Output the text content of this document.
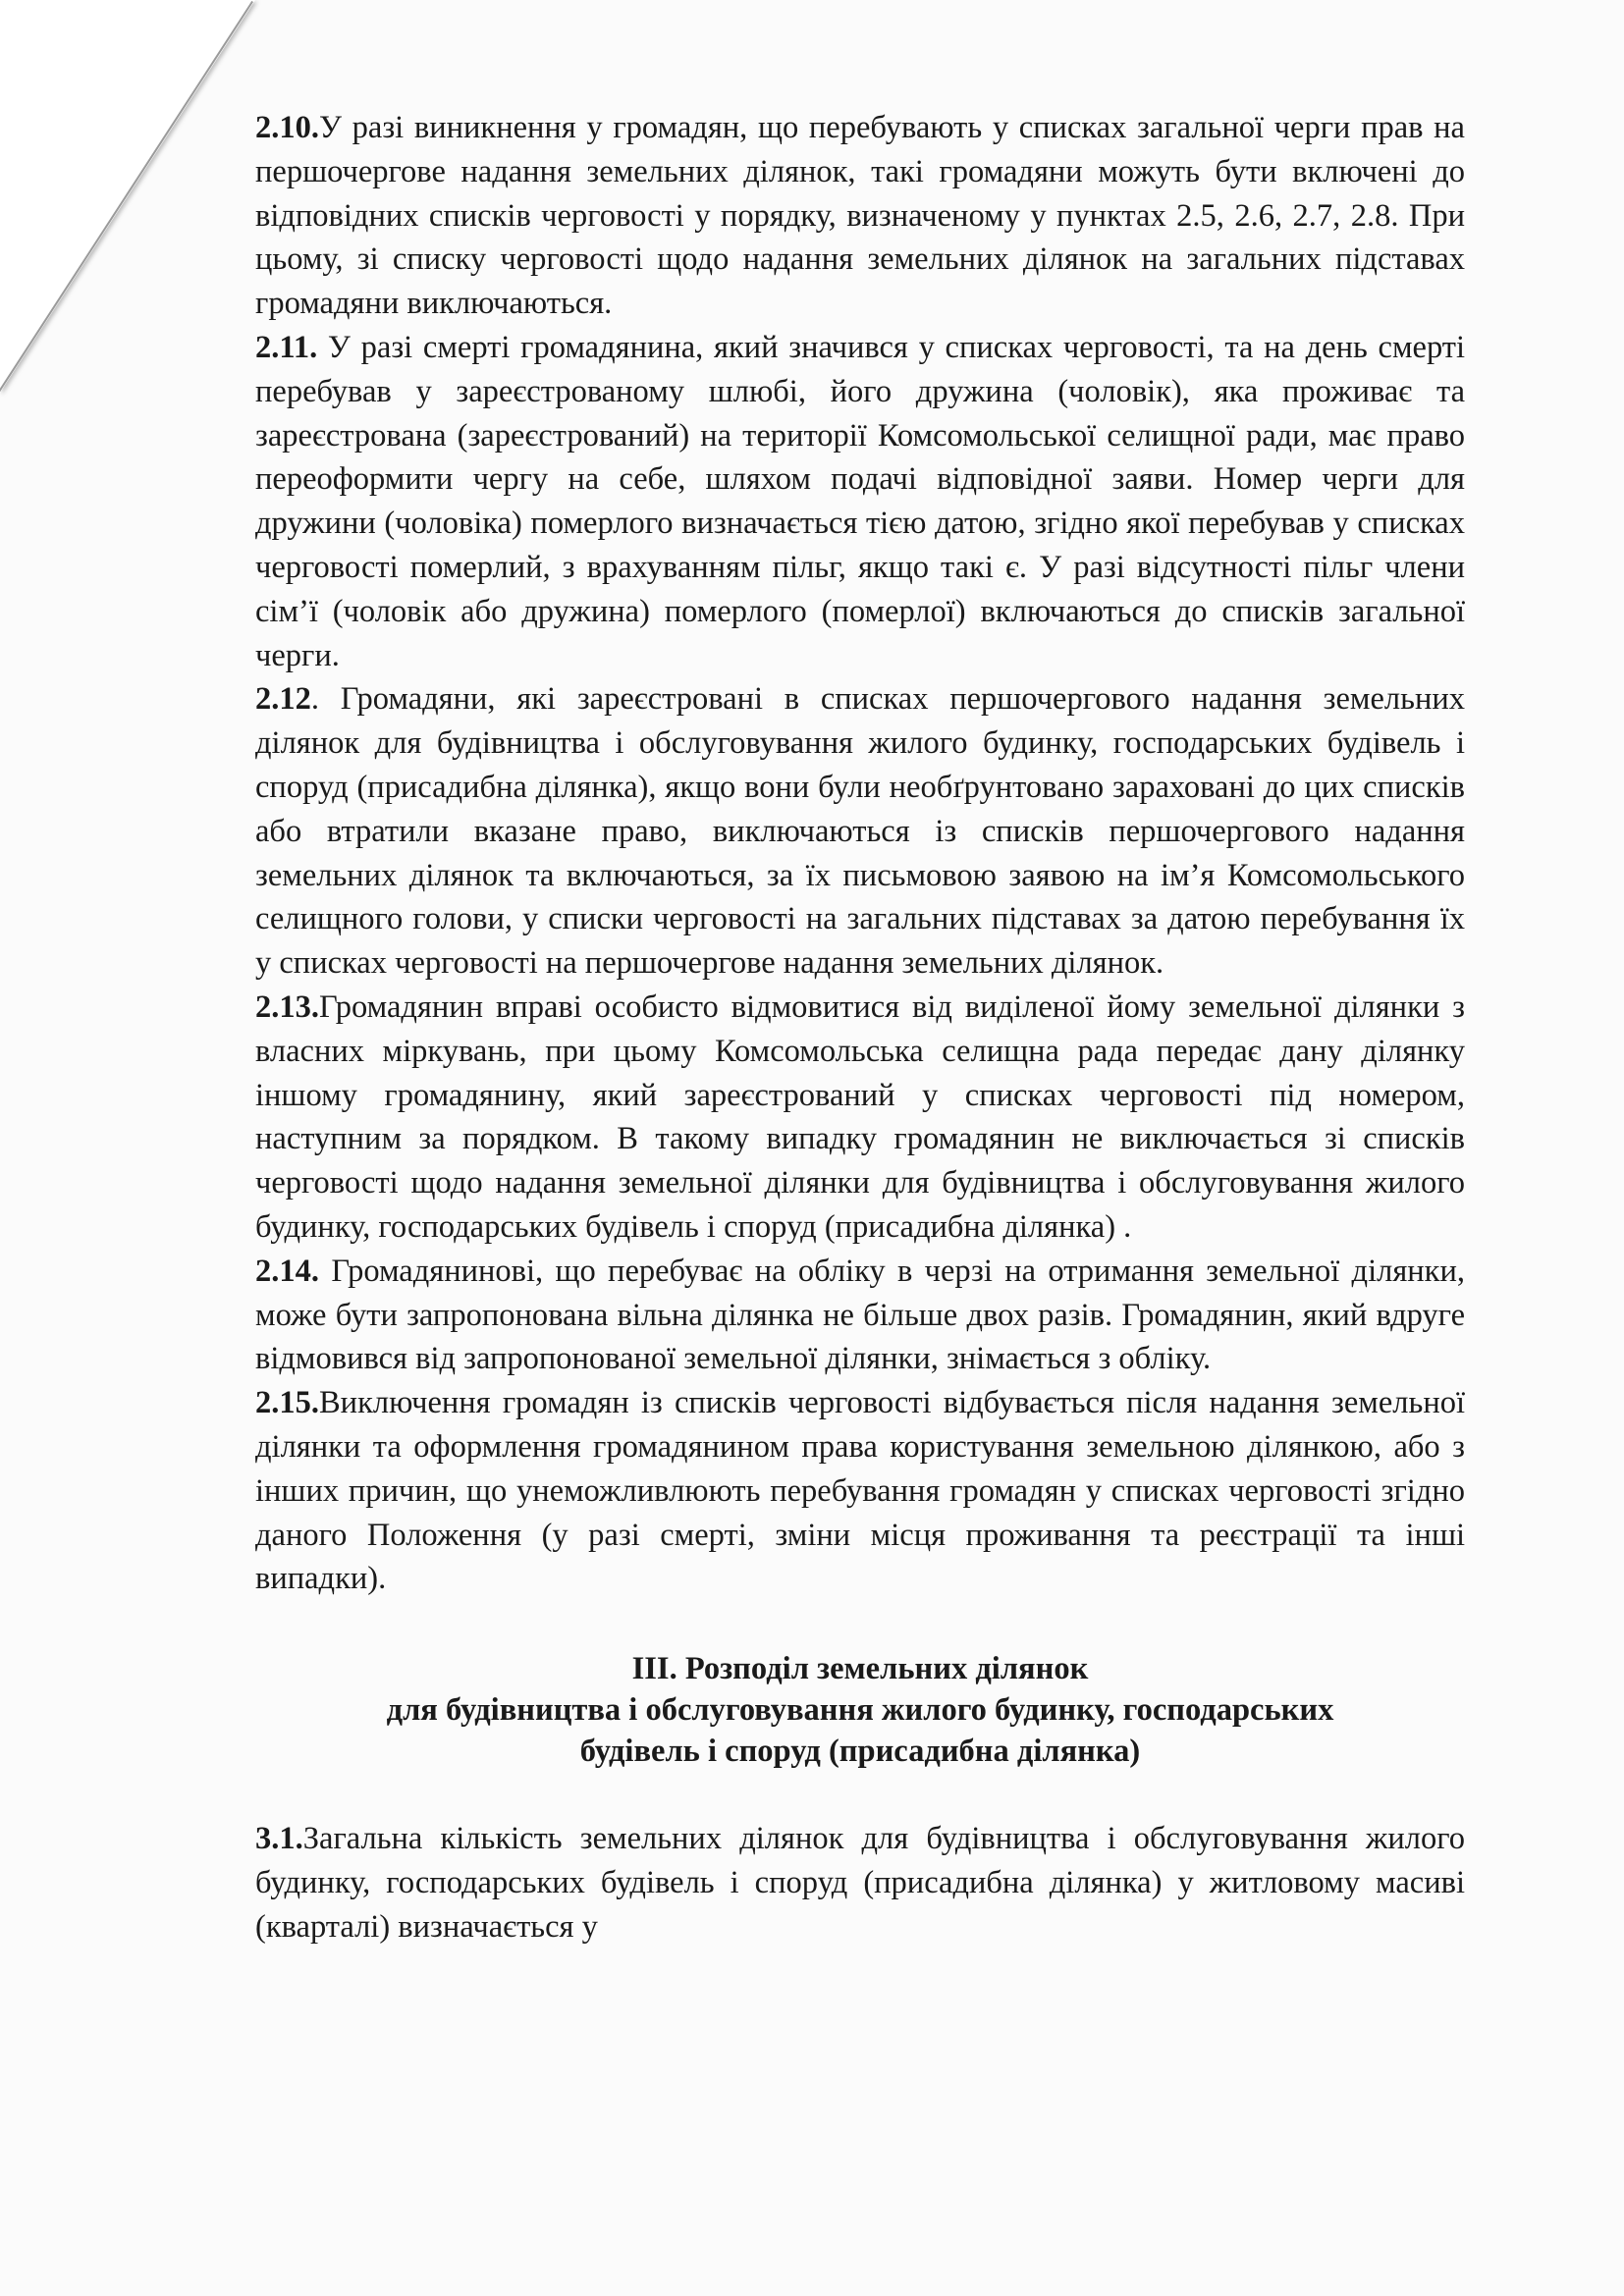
2.10.У разі виникнення у громадян, що перебувають у списках загальної черги прав на першочергове надання земельних ділянок, такі громадяни можуть бути включені до відповідних списків черговості у порядку, визначеному у пунктах 2.5, 2.6, 2.7, 2.8. При цьому, зі списку черговості щодо надання земельних ділянок на загальних підставах громадяни виключаються.

2.11. У разі смерті громадянина, який значився у списках черговості, та на день смерті перебував у зареєстрованому шлюбі, його дружина (чоловік), яка проживає та зареєстрована (зареєстрований) на території Комсомольської селищної ради, має право переоформити чергу на себе, шляхом подачі відповідної заяви. Номер черги для дружини (чоловіка) померлого визначається тією датою, згідно якої перебував у списках черговості померлий, з врахуванням пільг, якщо такі є. У разі відсутності пільг члени сім’ї (чоловік або дружина) померлого (померлої) включаються до списків загальної черги.

2.12. Громадяни, які зареєстровані в списках першочергового надання земельних ділянок для будівництва і обслуговування жилого будинку, господарських будівель і споруд (присадибна ділянка), якщо вони були необґрунтовано зараховані до цих списків або втратили вказане право, виключаються із списків першочергового надання земельних ділянок та включаються, за їх письмовою заявою на ім’я Комсомольського селищного голови, у списки черговості на загальних підставах за датою перебування їх у списках черговості на першочергове надання земельних ділянок.

2.13.Громадянин вправі особисто відмовитися від виділеної йому земельної ділянки з власних міркувань, при цьому Комсомольська селищна рада передає дану ділянку іншому громадянину, який зареєстрований у списках черговості під номером, наступним за порядком. В такому випадку громадянин не виключається зі списків черговості щодо надання земельної ділянки для будівництва і обслуговування жилого будинку, господарських будівель і споруд (присадибна ділянка) .

2.14. Громадянинові, що перебуває на обліку в черзі на отримання земельної ділянки, може бути запропонована вільна ділянка не більше двох разів. Громадянин, який вдруге відмовився від запропонованої земельної ділянки, знімається з обліку.

2.15.Виключення громадян із списків черговості відбувається після надання земельної ділянки та оформлення громадянином права користування земельною ділянкою, або з інших причин, що унеможливлюють перебування громадян у списках черговості згідно даного Положення (у разі смерті, зміни місця проживання та реєстрації та інші випадки).

ІІІ. Розподіл земельних ділянок

для будівництва і обслуговування жилого будинку, господарських

будівель і споруд (присадибна ділянка)

3.1.Загальна кількість земельних ділянок для будівництва і обслуговування жилого будинку, господарських будівель і споруд (присадибна ділянка) у житловому масиві (кварталі) визначається у
